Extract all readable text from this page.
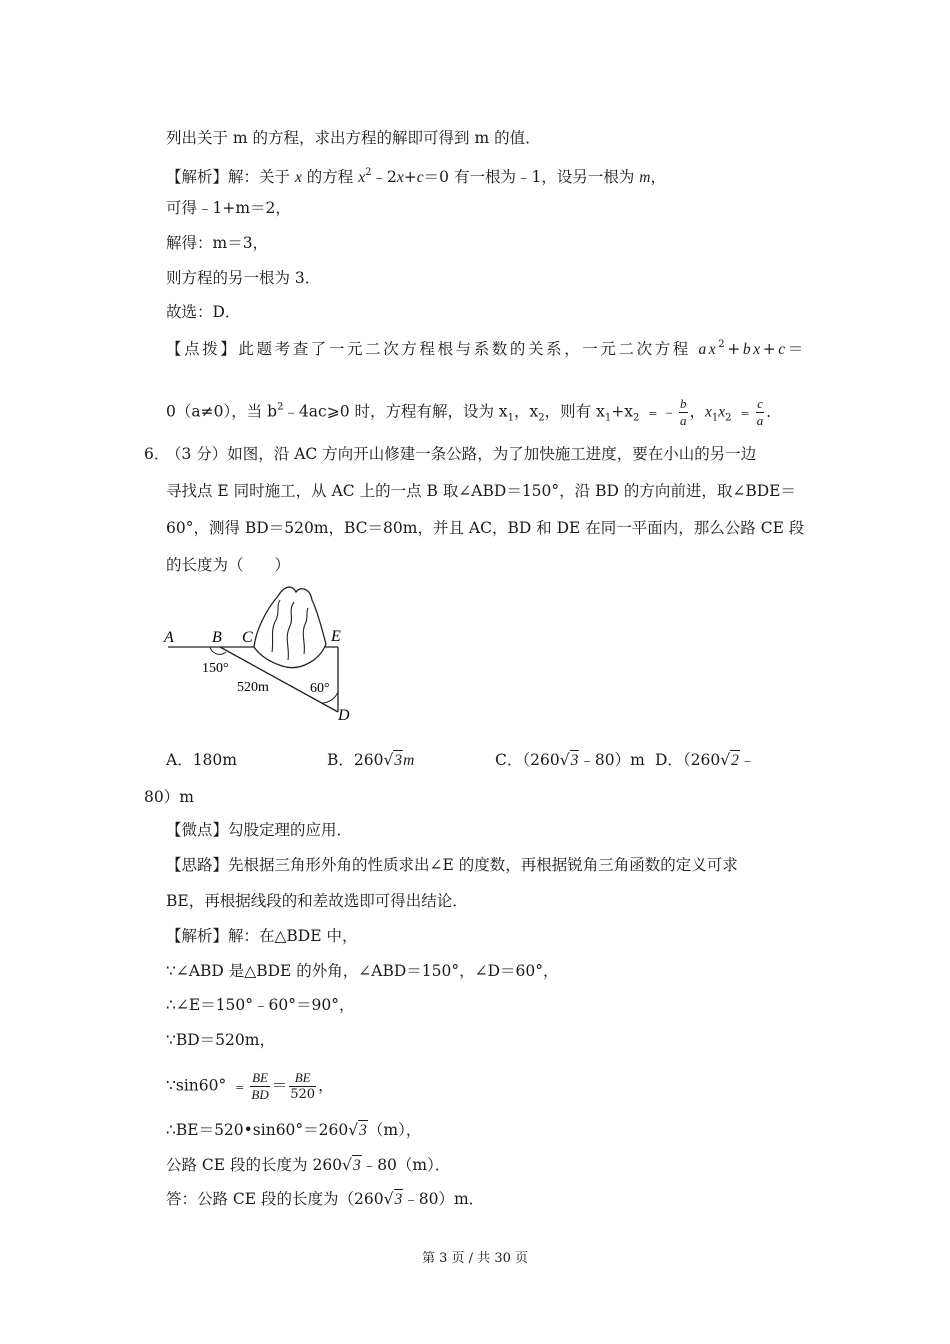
列出关于 m 的方程，求出方程的解即可得到 m 的值．
【解析】解：关于 x 的方程 $x^2﹣2x+c=0$ 有一根为﹣1，设另一根为 m，
可得﹣1+m＝2，
解得：m＝3，
则方程的另一根为 3．
故选：D．
【点拨】此题考查了一元二次方程根与系数的关系，一元二次方程 $ax^2+bx+c=$
0（a≠0），当 $b^2﹣4ac⩾0$ 时，方程有解，设为 $x_1$，$x_2$，则有 $x_1+x_2$ = ﹣ $\frac{b}{a}$ ，$x_1x_2 = \frac{c}{a}$ ．
6．
（3 分）如图，沿 AC 方向开山修建一条公路，为了加快施工进度，要在小山的另一边
寻找点 E 同时施工，从 AC 上的一点 B 取∠ABD＝150°，沿 BD 的方向前进，取∠BDE＝
60°，测得 BD＝520m，BC＝80m，并且 AC，BD 和 DE 在同一平面内，那么公路 CE 段
的长度为（　　）
A B C	E
D
150°
520m	60°
A．180m	B．260√3m	C．（260√3﹣80）m D．（260√2﹣
80）m
【微点】勾股定理的应用．
【思路】先根据三角形外角的性质求出∠E 的度数，再根据锐角三角函数的定义可求
BE，再根据线段的和差故选即可得出结论．
【解析】解：在△BDE 中，
∵∠ABD 是△BDE 的外角，∠ABD＝150°，∠D＝60°，
∴∠E＝150°﹣60°＝90°，
∵BD＝520m，
∵sin60° = $\frac{BE}{BD} = \frac{BE}{520}$ ，
∴BE＝520•sin60°＝260√3（m），
公路 CE 段的长度为 260√3﹣80（m）．
答：公路 CE 段的长度为（260√3﹣80）m．
第 3 页 / 共 30 页
